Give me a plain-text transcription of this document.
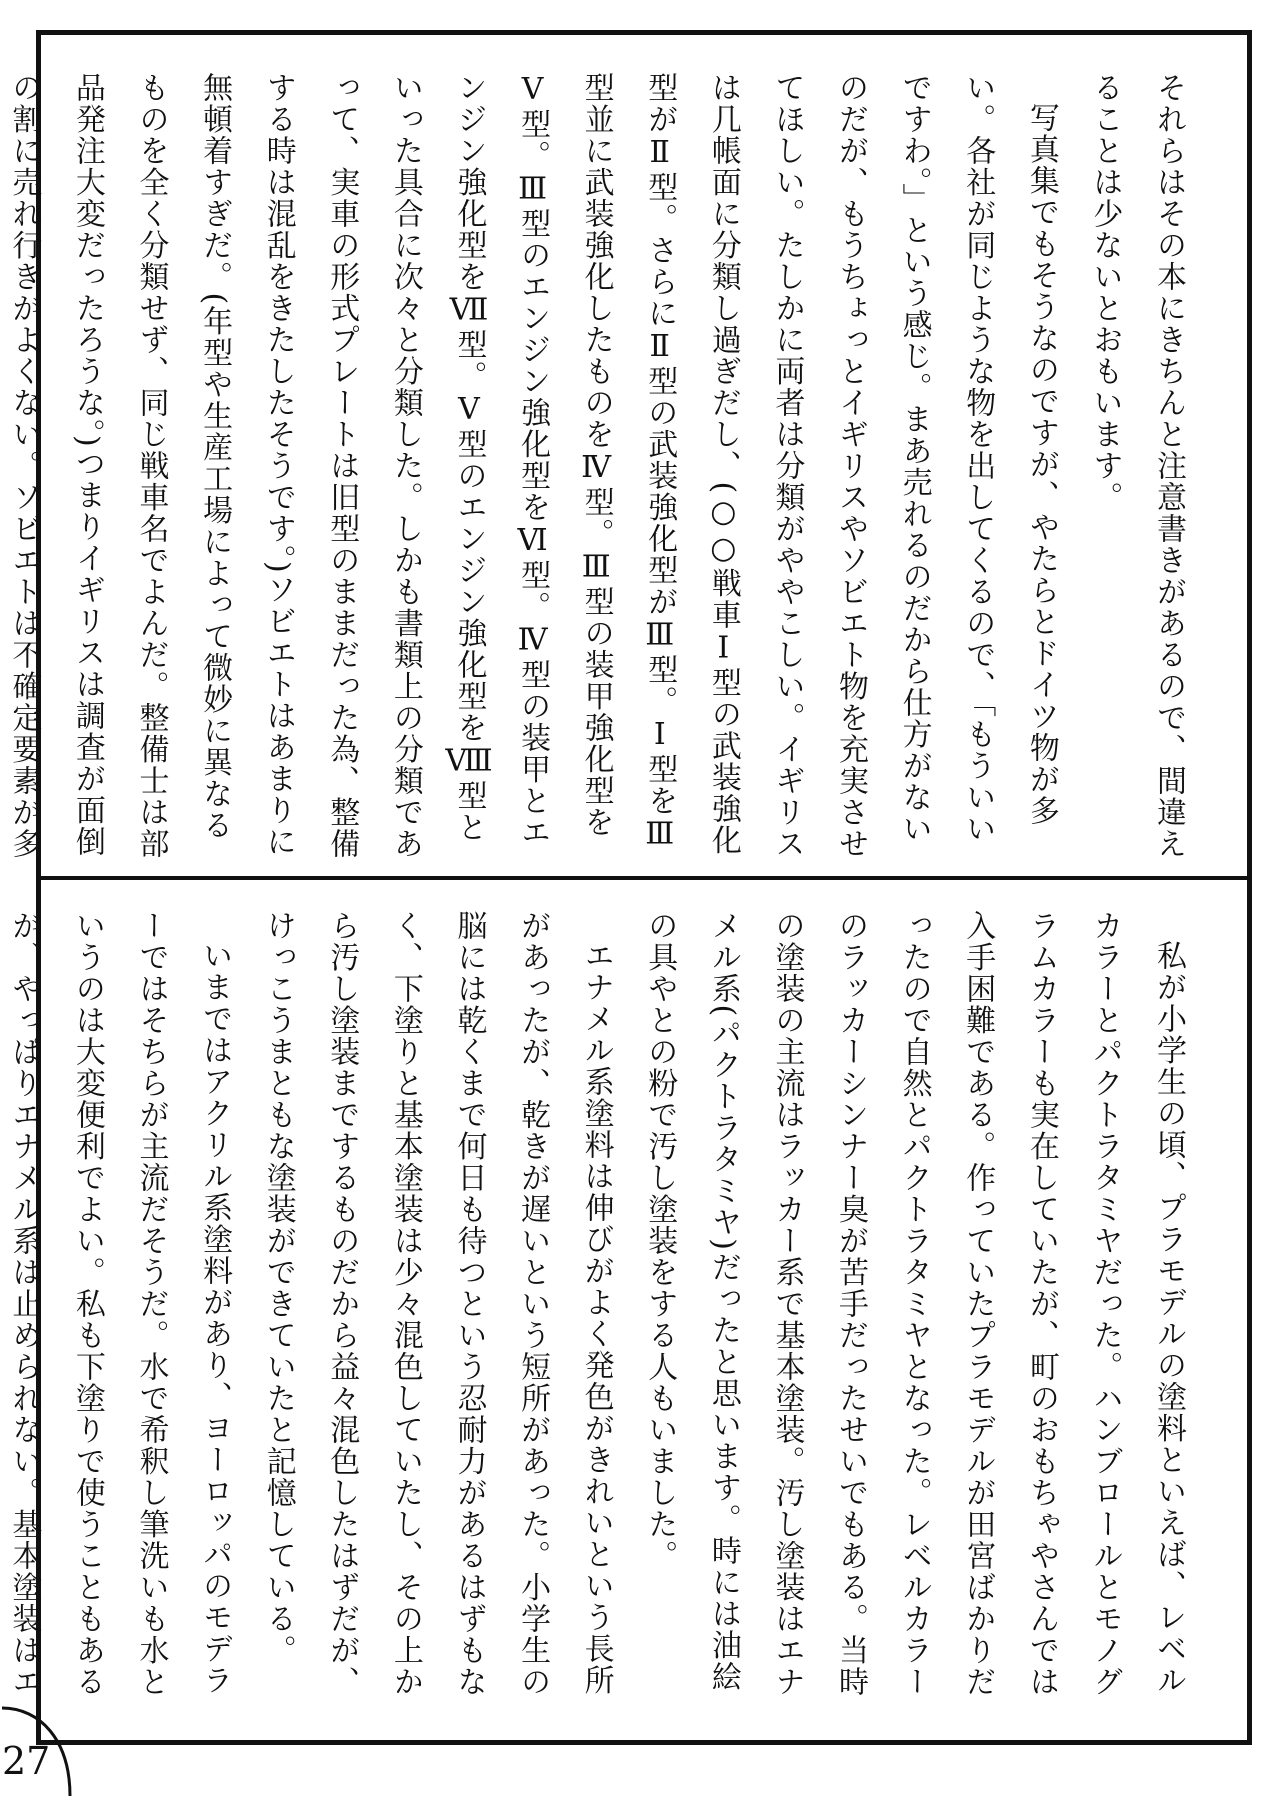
それらはその本にきちんと注意書きがあるので、間違えることは少ないとおもいます。

写真集でもそうなのですが、やたらとドイツ物が多い。各社が同じような物を出してくるので、「もういいですわ。」という感じ。まあ売れるのだから仕方がないのだが、もうちょっとイギリスやソビエト物を充実させてほしい。たしかに両者は分類がややこしい。イギリスは几帳面に分類し過ぎだし、(○○戦車Ⅰ型の武装強化型がⅡ型。さらにⅡ型の武装強化型がⅢ型。Ⅰ型をⅢ型並に武装強化したものをⅣ型。Ⅲ型の装甲強化型をⅤ型。Ⅲ型のエンジン強化型をⅥ型。Ⅳ型の装甲とエンジン強化型をⅦ型。Ⅴ型のエンジン強化型をⅧ型といった具合に次々と分類した。しかも書類上の分類であって、実車の形式プレートは旧型のままだった為、整備する時は混乱をきたしたそうです。)ソビエトはあまりに無頓着すぎだ。(年型や生産工場によって微妙に異なるものを全く分類せず、同じ戦車名でよんだ。整備士は部品発注大変だったろうな。)つまりイギリスは調査が面倒の割に売れ行きがよくない。ソビエトは不確定要素が多

私が小学生の頃、プラモデルの塗料といえば、レベルカラーとパクトラタミヤだった。ハンブロールとモノグラムカラーも実在していたが、町のおもちゃやさんでは入手困難である。作っていたプラモデルが田宮ばかりだったので自然とパクトラタミヤとなった。レベルカラーのラッカーシンナー臭が苦手だったせいでもある。当時の塗装の主流はラッカー系で基本塗装。汚し塗装はエナメル系(パクトラタミヤ)だったと思います。時には油絵の具やとの粉で汚し塗装をする人もいました。

エナメル系塗料は伸びがよく発色がきれいという長所があったが、乾きが遅いという短所があった。小学生の脳には乾くまで何日も待つという忍耐力があるはずもなく、下塗りと基本塗装は少々混色していたし、その上から汚し塗装までするものだから益々混色したはずだが、けっこうまともな塗装ができていたと記憶している。

いまではアクリル系塗料があり、ヨーロッパのモデラーではそちらが主流だそうだ。水で希釈し筆洗いも水というのは大変便利でよい。私も下塗りで使うこともあるが、やっぱりエナメル系は止められない。基本塗装はエ

27
